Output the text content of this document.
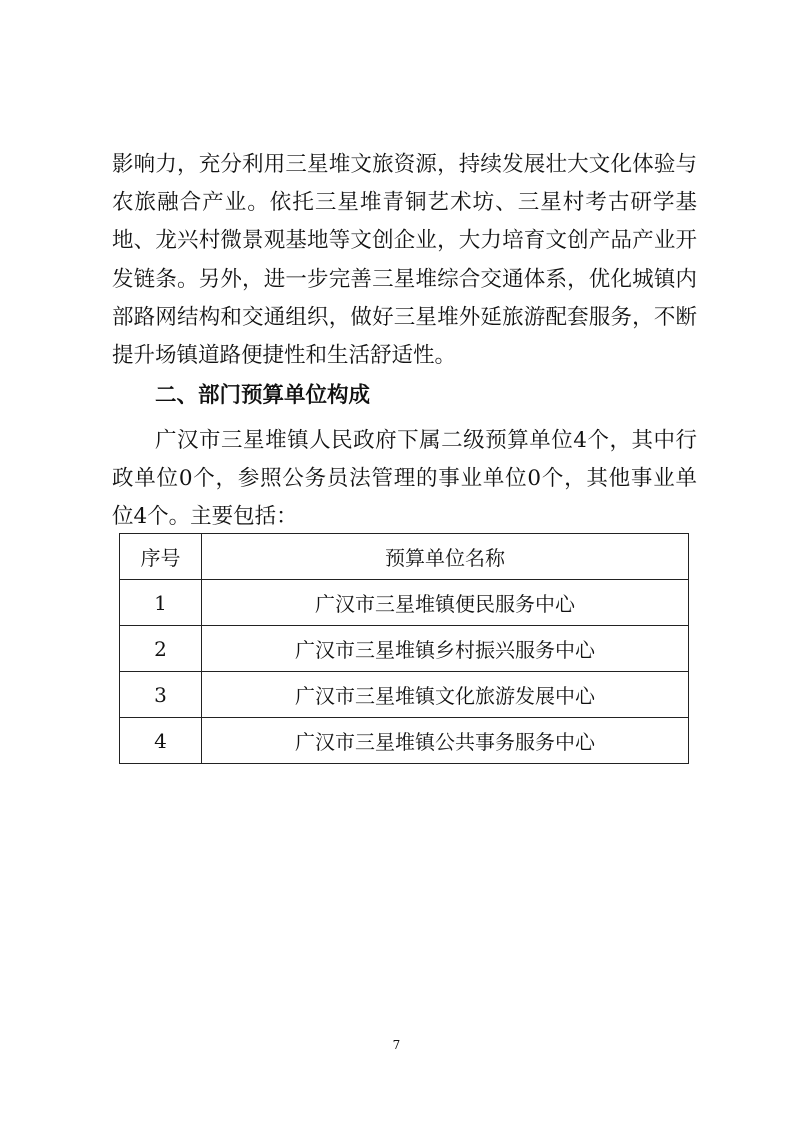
影响力，充分利用三星堆文旅资源，持续发展壮大文化体验与农旅融合产业。依托三星堆青铜艺术坊、三星村考古研学基地、龙兴村微景观基地等文创企业，大力培育文创产品产业开发链条。另外，进一步完善三星堆综合交通体系，优化城镇内部路网结构和交通组织，做好三星堆外延旅游配套服务，不断提升场镇道路便捷性和生活舒适性。

二、部门预算单位构成

广汉市三星堆镇人民政府下属二级预算单位4个，其中行政单位0个，参照公务员法管理的事业单位0个，其他事业单位4个。主要包括：

序号	预算单位名称
1	广汉市三星堆镇便民服务中心
2	广汉市三星堆镇乡村振兴服务中心
3	广汉市三星堆镇文化旅游发展中心
4	广汉市三星堆镇公共事务服务中心
7
